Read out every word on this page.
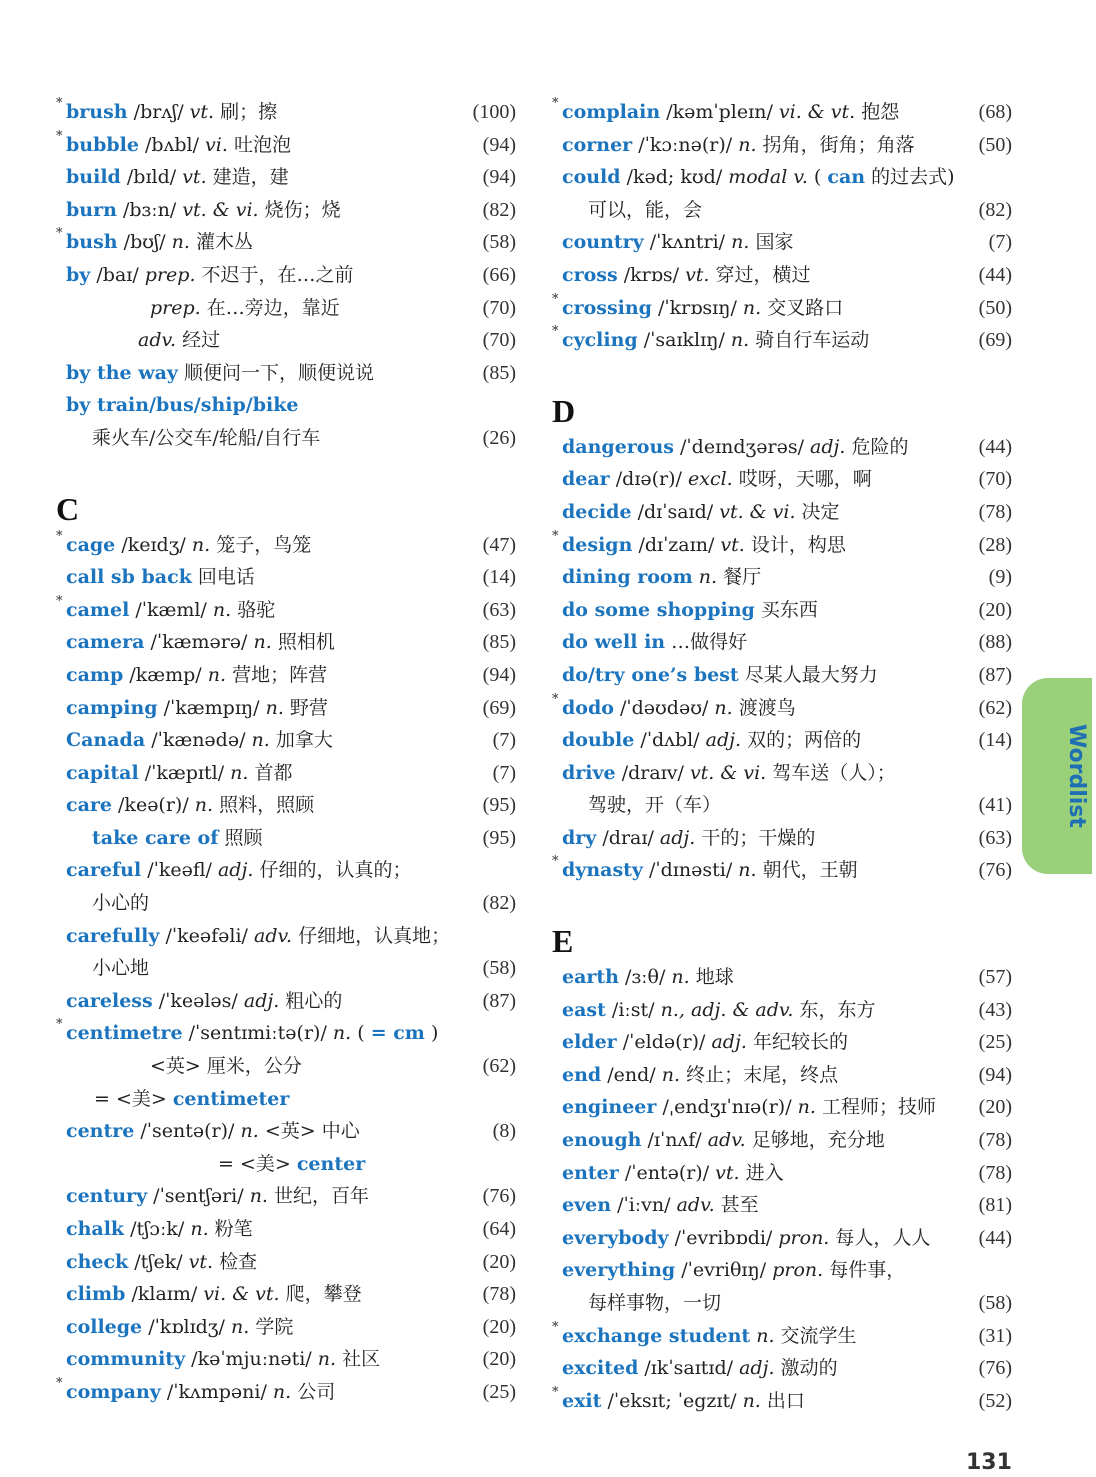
* brush /brʌʃ/ vt. 刷；擦	(100)
* bubble /bʌbl/ vi. 吐泡泡	(94)
build /bɪld/ vt. 建造，建	(94)
burn /bɜːn/ vt. & vi. 烧伤；烧	(82)
* bush /bʊʃ/ n. 灌木丛	(58)
by /baɪ/ prep. 不迟于，在…之前	(66)
prep. 在…旁边，靠近	(70)
adv. 经过	(70)
by the way 顺便问一下，顺便说说	(85)
by train/bus/ship/bike
乘火车/公交车/轮船/自行车	(26)
C
* cage /keɪdʒ/ n. 笼子，鸟笼	(47)
call sb back 回电话	(14)
* camel /ˈkæml/ n. 骆驼	(63)
camera /ˈkæmərə/ n. 照相机	(85)
camp /kæmp/ n. 营地；阵营	(94)
camping /ˈkæmpɪŋ/ n. 野营	(69)
Canada /ˈkænədə/ n. 加拿大	(7)
capital /ˈkæpɪtl/ n. 首都	(7)
care /keə(r)/ n. 照料，照顾	(95)
take care of 照顾	(95)
careful /ˈkeəfl/ adj. 仔细的，认真的；
小心的	(82)
carefully /ˈkeəfəli/ adv. 仔细地，认真地；
小心地	(58)
careless /ˈkeələs/ adj. 粗心的	(87)
* centimetre /ˈsentɪmiːtə(r)/ n. ( = cm )
<英> 厘米，公分	(62)
= <美> centimeter
centre /ˈsentə(r)/ n. <英> 中心	(8)
= <美> center
century /ˈsentʃəri/ n. 世纪，百年	(76)
chalk /tʃɔːk/ n. 粉笔	(64)
check /tʃek/ vt. 检查	(20)
climb /klaɪm/ vi. & vt. 爬，攀登	(78)
college /ˈkɒlɪdʒ/ n. 学院	(20)
community /kəˈmjuːnəti/ n. 社区	(20)
* company /ˈkʌmpəni/ n. 公司	(25)
* complain /kəmˈpleɪn/ vi. & vt. 抱怨	(68)
corner /ˈkɔːnə(r)/ n. 拐角，街角；角落	(50)
could /kəd; kʊd/ modal v. ( can 的过去式)
可以，能，会	(82)
country /ˈkʌntri/ n. 国家	(7)
cross /krɒs/ vt. 穿过，横过	(44)
* crossing /ˈkrɒsɪŋ/ n. 交叉路口	(50)
* cycling /ˈsaɪklɪŋ/ n. 骑自行车运动	(69)
D
dangerous /ˈdeɪndʒərəs/ adj. 危险的	(44)
dear /dɪə(r)/ excl. 哎呀，天哪，啊	(70)
decide /dɪˈsaɪd/ vt. & vi. 决定	(78)
* design /dɪˈzaɪn/ vt. 设计，构思	(28)
dining room n. 餐厅	(9)
do some shopping 买东西	(20)
do well in …做得好	(88)
do/try one’s best 尽某人最大努力	(87)
* dodo /ˈdəʊdəʊ/ n. 渡渡鸟	(62)
double /ˈdʌbl/ adj. 双的；两倍的	(14)
drive /draɪv/ vt. & vi. 驾车送（人）；
驾驶，开（车）	(41)
dry /draɪ/ adj. 干的；干燥的	(63)
* dynasty /ˈdɪnəsti/ n. 朝代，王朝	(76)
E
earth /ɜːθ/ n. 地球	(57)
east /iːst/ n., adj. & adv. 东，东方	(43)
elder /ˈeldə(r)/ adj. 年纪较长的	(25)
end /end/ n. 终止；末尾，终点	(94)
engineer /ˌendʒɪˈnɪə(r)/ n. 工程师；技师 (20)
enough /ɪˈnʌf/ adv. 足够地，充分地	(78)
enter /ˈentə(r)/ vt. 进入	(78)
even /ˈiːvn/ adv. 甚至	(81)
everybody /ˈevribɒdi/ pron. 每人，人人 (44)
everything /ˈevriθɪŋ/ pron. 每件事，
每样事物，一切	(58)
* exchange student n. 交流学生	(31)
excited /ɪkˈsaɪtɪd/ adj. 激动的	(76)
* exit /ˈeksɪt; ˈegzɪt/ n. 出口	(52)
Wordlist
131
